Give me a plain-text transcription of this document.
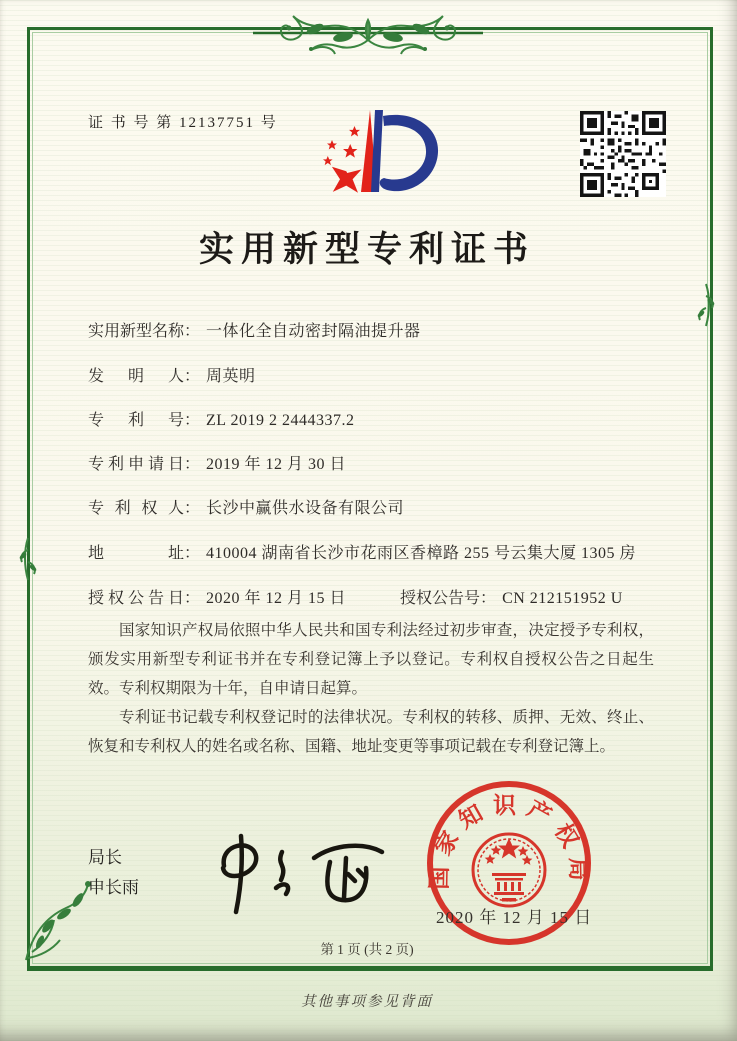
证 书 号 第 12137751 号
实用新型专利证书
实用新型名称： 一体化全自动密封隔油提升器
发明人： 周英明
专利号： ZL 2019 2 2444337.2
专利申请日： 2019 年 12 月 30 日
专利权人： 长沙中赢供水设备有限公司
地址： 410004 湖南省长沙市花雨区香樟路 255 号云集大厦 1305 房
授权公告日： 2020 年 12 月 15 日	授权公告号： CN 212151952 U

国家知识产权局依照中华人民共和国专利法经过初步审查，决定授予专利权，颁发实用新型专利证书并在专利登记簿上予以登记。专利权自授权公告之日起生效。专利权期限为十年，自申请日起算。

专利证书记载专利权登记时的法律状况。专利权的转移、质押、无效、终止、恢复和专利权人的姓名或名称、国籍、地址变更等事项记载在专利登记簿上。

局长
申长雨	国家知识产权局
2020 年 12 月 15 日
第 1 页 (共 2 页)
其他事项参见背面
